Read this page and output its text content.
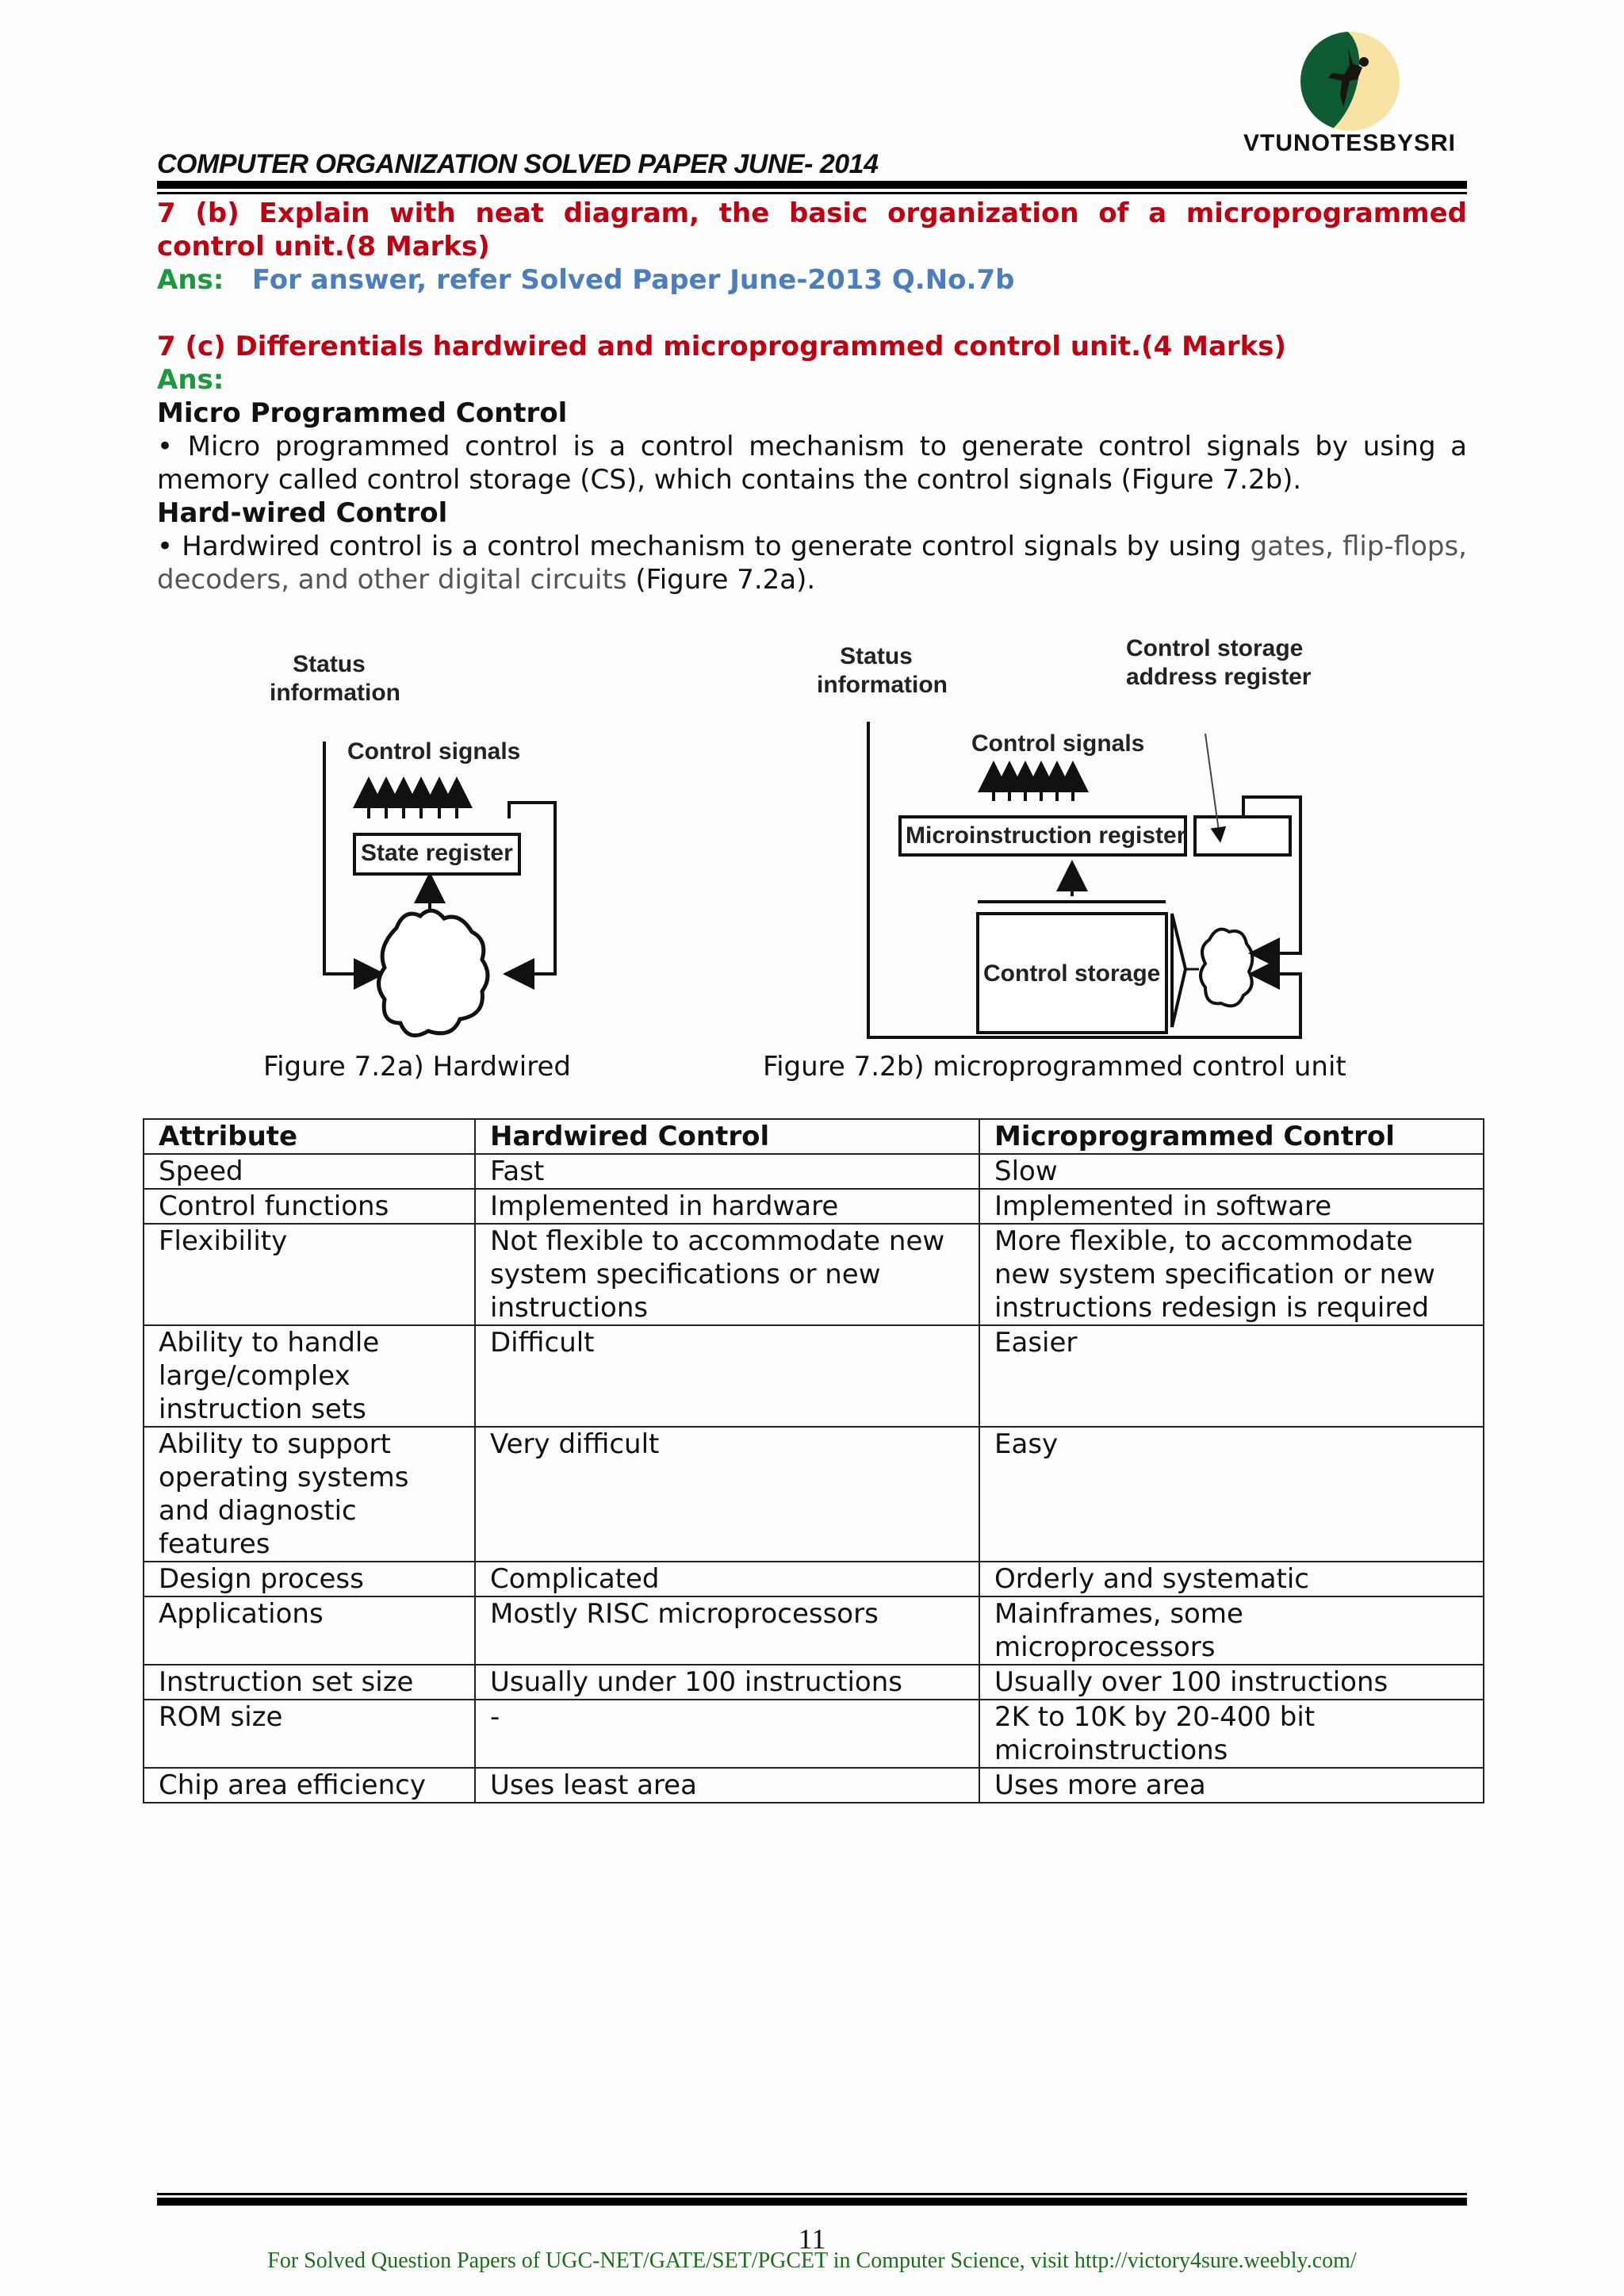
VTUNOTESBYSRI
COMPUTER ORGANIZATION SOLVED PAPER JUNE- 2014

7 (b) Explain with neat diagram, the basic organization of a microprogrammed control unit.(8 Marks)

Ans: For answer, refer Solved Paper June-2013 Q.No.7b

7 (c) Differentials hardwired and microprogrammed control unit.(4 Marks)

Ans:

Micro Programmed Control

• Micro programmed control is a control mechanism to generate control signals by using a memory called control storage (CS), which contains the control signals (Figure 7.2b).

Hard-wired Control

• Hardwired control is a control mechanism to generate control signals by using gates, flip-flops, decoders, and other digital circuits (Figure 7.2a).

Status
information
Control signals
State register
Figure 7.2a) Hardwired
Status
information
Control storage
address register
Control signals
Microinstruction register
Control storage
Figure 7.2b) microprogrammed control unit
Attribute	Hardwired Control	Microprogrammed Control
Speed	Fast	Slow
Control functions	Implemented in hardware	Implemented in software
Flexibility	Not flexible to accommodate new system specifications or new instructions	More flexible, to accommodate new system specification or new instructions redesign is required
Ability to handle large/complex instruction sets	Difficult	Easier
Ability to support operating systems and diagnostic features	Very difficult	Easy
Design process	Complicated	Orderly and systematic
Applications	Mostly RISC microprocessors	Mainframes, some microprocessors
Instruction set size	Usually under 100 instructions	Usually over 100 instructions
ROM size	-	2K to 10K by 20-400 bit microinstructions
Chip area efficiency	Uses least area	Uses more area
11
For Solved Question Papers of UGC-NET/GATE/SET/PGCET in Computer Science, visit http://victory4sure.weebly.com/
